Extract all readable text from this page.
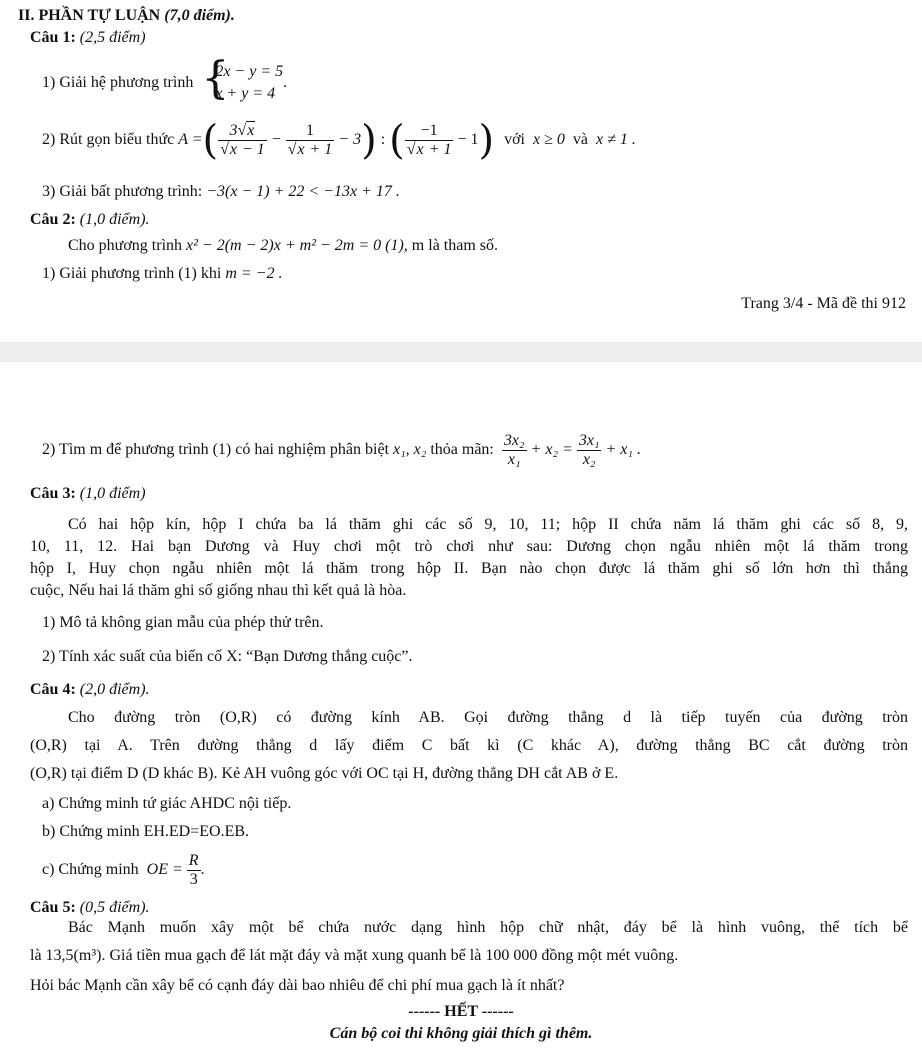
II. PHẦN TỰ LUẬN (7,0 điểm).
Câu 1: (2,5 điểm)
1) Giải hệ phương trình {
2x − y = 5
x + y = 4
.
2) Rút gọn biểu thức A =( $\frac{3√x}{√x - 1} - \frac{1}{√x + 1} - 3$) : ( $\frac{-1}{√x + 1} - 1$) với x ≥ 0 và x ≠ 1 .
3) Giải bất phương trình: −3(x − 1) + 22 < −13x + 17 .
Câu 2: (1,0 điểm).
Cho phương trình x² − 2(m − 2)x + m² − 2m = 0 (1), m là tham số.
1) Giải phương trình (1) khi m = −2 .
Trang 3/4 - Mã đề thi 912
2) Tìm m để phương trình (1) có hai nghiệm phân biệt x₁, x₂ thỏa mãn: $\frac{\text{3x₂}}{\text{x₁}} + x_2 = \frac{\text{3x₁}}{\text{x₂}} + x_1$ .
Câu 3: (1,0 điểm)
Có hai hộp kín, hộp I chứa ba lá thăm ghi các số 9, 10, 11; hộp II chứa năm lá thăm ghi các số 8, 9,
10, 11, 12. Hai bạn Dương và Huy chơi một trò chơi như sau: Dương chọn ngẫu nhiên một lá thăm trong
hộp I, Huy chọn ngẫu nhiên một lá thăm trong hộp II. Bạn nào chọn được lá thăm ghi số lớn hơn thì thắng
cuộc, Nếu hai lá thăm ghi số giống nhau thì kết quả là hòa.
1) Mô tả không gian mẫu của phép thử trên.
2) Tính xác suất của biến cố X: “Bạn Dương thắng cuộc”.
Câu 4: (2,0 điểm).
Cho đường tròn (O,R) có đường kính AB. Gọi đường thẳng d là tiếp tuyến của đường tròn
(O,R) tại A. Trên đường thẳng d lấy điểm C bất kì (C khác A), đường thẳng BC cắt đường tròn
(O,R) tại điểm D (D khác B). Kẻ AH vuông góc với OC tại H, đường thẳng DH cắt AB ở E.
a) Chứng minh tứ giác AHDC nội tiếp.
b) Chứng minh EH.ED=EO.EB.
c) Chứng minh OE = $\frac{R}{3}$ .
Câu 5: (0,5 điểm).
Bác Mạnh muốn xây một bể chứa nước dạng hình hộp chữ nhật, đáy bể là hình vuông, thể tích bể
là 13,5(m³). Giá tiền mua gạch để lát mặt đáy và mặt xung quanh bể là 100 000 đồng một mét vuông.
Hỏi bác Mạnh cần xây bể có cạnh đáy dài bao nhiêu để chi phí mua gạch là ít nhất?
------ HẾT ------
Cán bộ coi thi không giải thích gì thêm.
